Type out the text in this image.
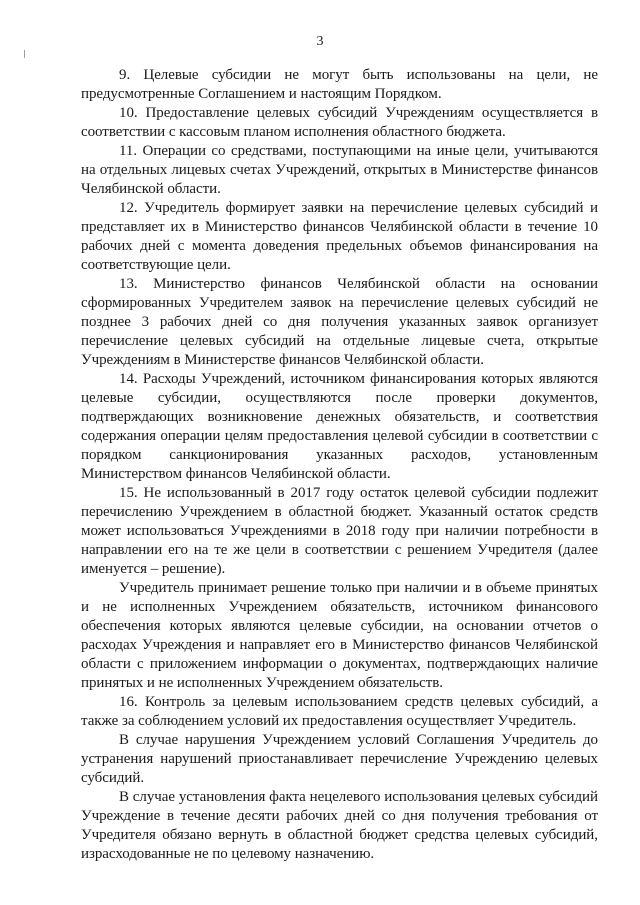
3

9. Целевые субсидии не могут быть использованы на цели, не предусмотренные Соглашением и настоящим Порядком.

10. Предоставление целевых субсидий Учреждениям осуществляется в соответствии с кассовым планом исполнения областного бюджета.

11. Операции со средствами, поступающими на иные цели, учитываются на отдельных лицевых счетах Учреждений, открытых в Министерстве финансов Челябинской области.

12. Учредитель формирует заявки на перечисление целевых субсидий и представляет их в Министерство финансов Челябинской области в течение 10 рабочих дней с момента доведения предельных объемов финансирования на соответствующие цели.

13. Министерство финансов Челябинской области на основании сформированных Учредителем заявок на перечисление целевых субсидий не позднее 3 рабочих дней со дня получения указанных заявок организует перечисление целевых субсидий на отдельные лицевые счета, открытые Учреждениям в Министерстве финансов Челябинской области.

14. Расходы Учреждений, источником финансирования которых являются целевые субсидии, осуществляются после проверки документов, подтверждающих возникновение денежных обязательств, и соответствия содержания операции целям предоставления целевой субсидии в соответствии с порядком санкционирования указанных расходов, установленным Министерством финансов Челябинской области.

15. Не использованный в 2017 году остаток целевой субсидии подлежит перечислению Учреждением в областной бюджет. Указанный остаток средств может использоваться Учреждениями в 2018 году при наличии потребности в направлении его на те же цели в соответствии с решением Учредителя (далее именуется – решение).

Учредитель принимает решение только при наличии и в объеме принятых и не исполненных Учреждением обязательств, источником финансового обеспечения которых являются целевые субсидии, на основании отчетов о расходах Учреждения и направляет его в Министерство финансов Челябинской области с приложением информации о документах, подтверждающих наличие принятых и не исполненных Учреждением обязательств.

16. Контроль за целевым использованием средств целевых субсидий, а также за соблюдением условий их предоставления осуществляет Учредитель.

В случае нарушения Учреждением условий Соглашения Учредитель до устранения нарушений приостанавливает перечисление Учреждению целевых субсидий.

В случае установления факта нецелевого использования целевых субсидий Учреждение в течение десяти рабочих дней со дня получения требования от Учредителя обязано вернуть в областной бюджет средства целевых субсидий, израсходованные не по целевому назначению.
